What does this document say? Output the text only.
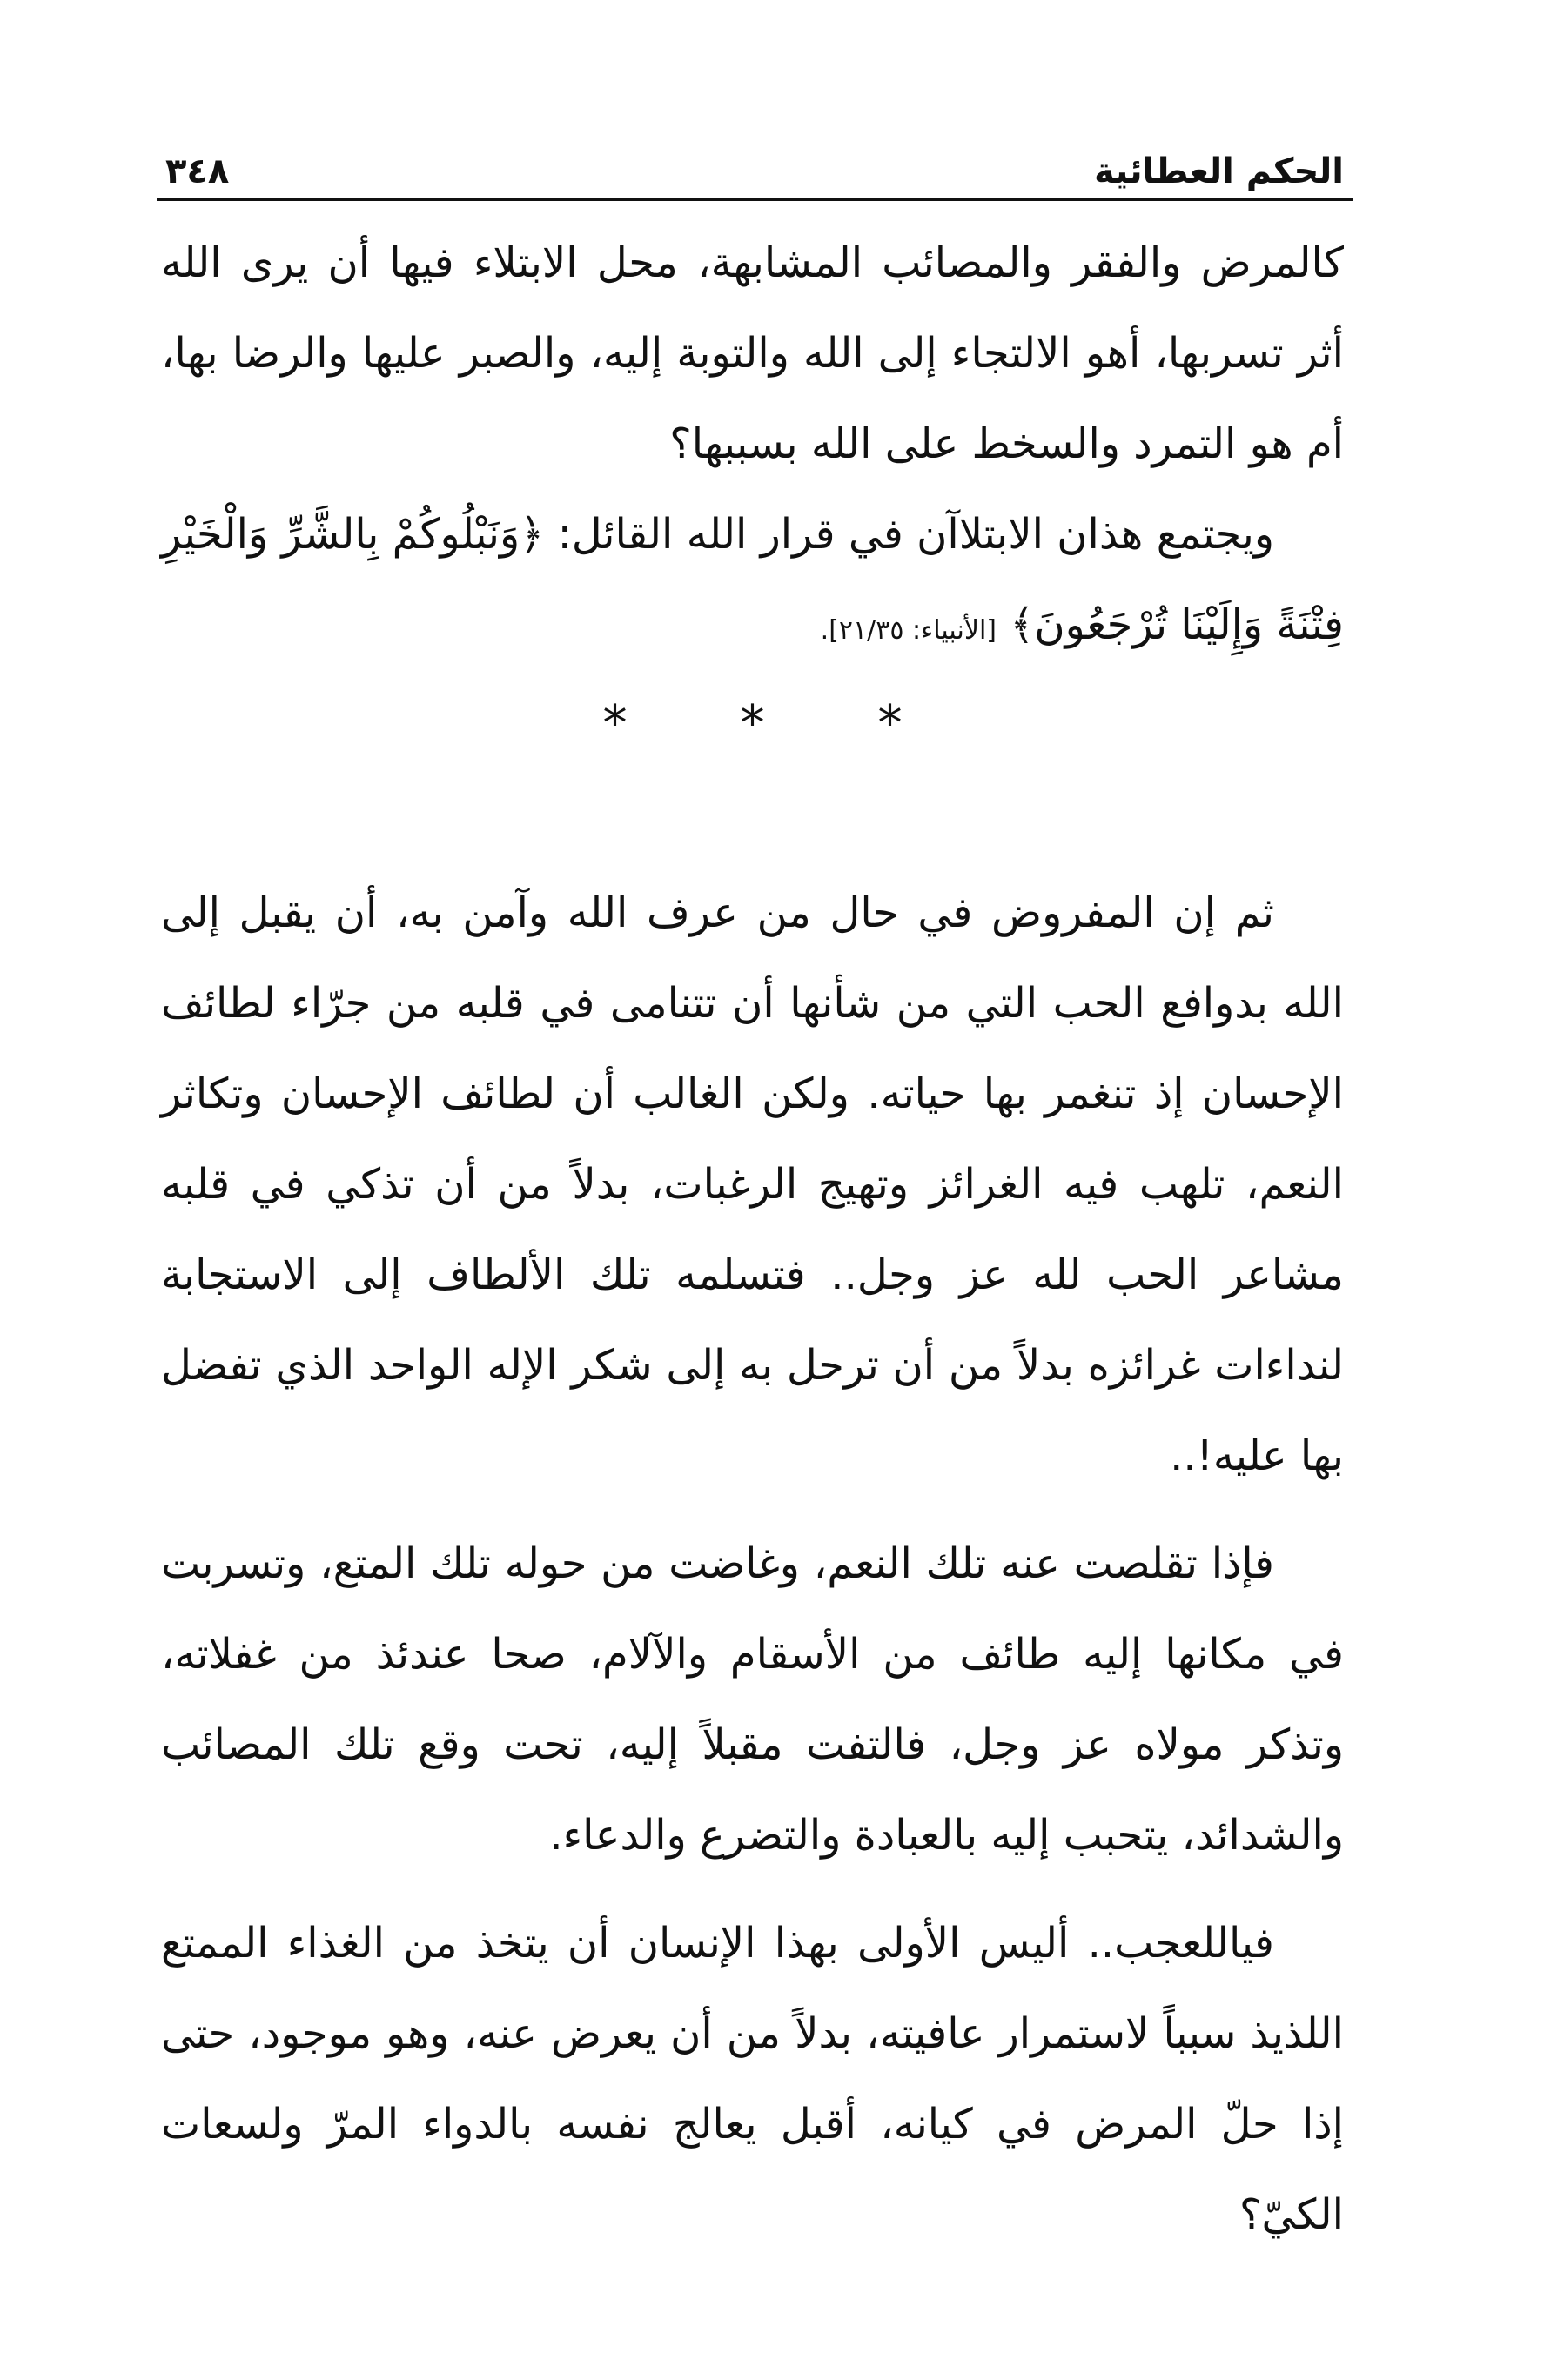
الحكم العطائية
٣٤٨

كالمرض والفقر والمصائب المشابهة، محل الابتلاء فيها أن يرى الله أثر تسربها، أهو الالتجاء إلى الله والتوبة إليه، والصبر عليها والرضا بها، أم هو التمرد والسخط على الله بسببها؟

ويجتمع هذان الابتلاآن في قرار الله القائل: ﴿وَنَبْلُوكُمْ بِالشَّرِّ وَالْخَيْرِ فِتْنَةً وَإِلَيْنَا تُرْجَعُونَ﴾ [الأنبياء: ٢١/٣٥].

*
*
*

ثم إن المفروض في حال من عرف الله وآمن به، أن يقبل إلى الله بدوافع الحب التي من شأنها أن تتنامى في قلبه من جرّاء لطائف الإحسان إذ تنغمر بها حياته. ولكن الغالب أن لطائف الإحسان وتكاثر النعم، تلهب فيه الغرائز وتهيج الرغبات، بدلاً من أن تذكي في قلبه مشاعر الحب لله عز وجل.. فتسلمه تلك الألطاف إلى الاستجابة لنداءات غرائزه بدلاً من أن ترحل به إلى شكر الإله الواحد الذي تفضل بها عليه!..

فإذا تقلصت عنه تلك النعم، وغاضت من حوله تلك المتع، وتسربت في مكانها إليه طائف من الأسقام والآلام، صحا عندئذ من غفلاته، وتذكر مولاه عز وجل، فالتفت مقبلاً إليه، تحت وقع تلك المصائب والشدائد، يتحبب إليه بالعبادة والتضرع والدعاء.

فياللعجب.. أليس الأولى بهذا الإنسان أن يتخذ من الغذاء الممتع اللذيذ سبباً لاستمرار عافيته، بدلاً من أن يعرض عنه، وهو موجود، حتى إذا حلّ المرض في كيانه، أقبل يعالج نفسه بالدواء المرّ ولسعات الكيّ؟
